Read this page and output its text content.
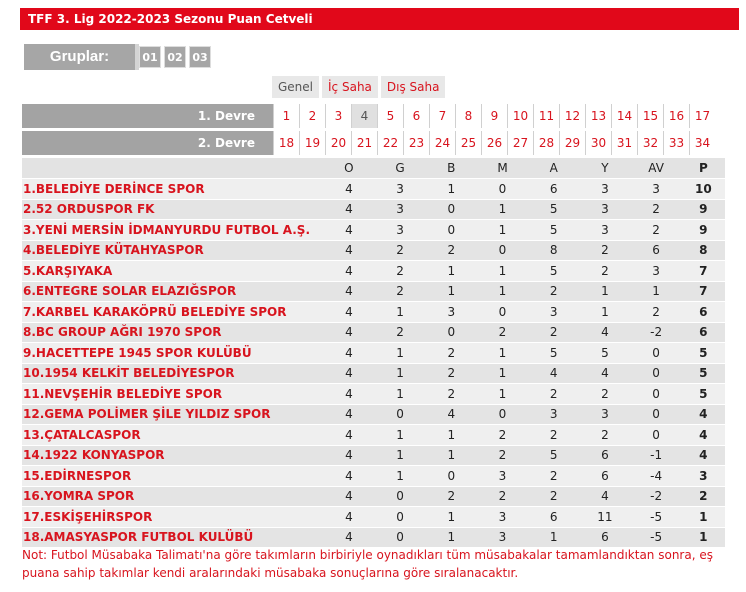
TFF 3. Lig 2022-2023 Sezonu Puan Cetveli
Gruplar:	01 02 03
Genel	İç Saha	Dış Saha
1. Devre	1	2	3	4	5	6	7	8	9	10 11 12 13 14 15 16 17
2. Devre	18 19 20 21 22 23 24 25 26 27 28 29 30 31 32 33 34
	O	G	B	M	A	Y	AV	P
1.BELEDİYE DERİNCE SPOR	4	3	1	0	6	3	3	10
2.52 ORDUSPOR FK	4	3	0	1	5	3	2	9
3.YENİ MERSİN İDMANYURDU FUTBOL A.Ş.	4	3	0	1	5	3	2	9
4.BELEDİYE KÜTAHYASPOR	4	2	2	0	8	2	6	8
5.KARŞIYAKA	4	2	1	1	5	2	3	7
6.ENTEGRE SOLAR ELAZIĞSPOR	4	2	1	1	2	1	1	7
7.KARBEL KARAKÖPRÜ BELEDİYE SPOR	4	1	3	0	3	1	2	6
8.BC GROUP AĞRI 1970 SPOR	4	2	0	2	2	4	-2	6
9.HACETTEPE 1945 SPOR KULÜBÜ	4	1	2	1	5	5	0	5
10.1954 KELKİT BELEDİYESPOR	4	1	2	1	4	4	0	5
11.NEVŞEHİR BELEDİYE SPOR	4	1	2	1	2	2	0	5
12.GEMA POLİMER ŞİLE YILDIZ SPOR	4	0	4	0	3	3	0	4
13.ÇATALCASPOR	4	1	1	2	2	2	0	4
14.1922 KONYASPOR	4	1	1	2	5	6	-1	4
15.EDİRNESPOR	4	1	0	3	2	6	-4	3
16.YOMRA SPOR	4	0	2	2	2	4	-2	2
17.ESKİŞEHİRSPOR	4	0	1	3	6	11	-5	1
18.AMASYASPOR FUTBOL KULÜBÜ	4	0	1	3	1	6	-5	1
Not: Futbol Müsabaka Talimatı'na göre takımların birbiriyle oynadıkları tüm müsabakalar tamamlandıktan sonra, eş puana sahip takımlar kendi aralarındaki müsabaka sonuçlarına göre sıralanacaktır.
